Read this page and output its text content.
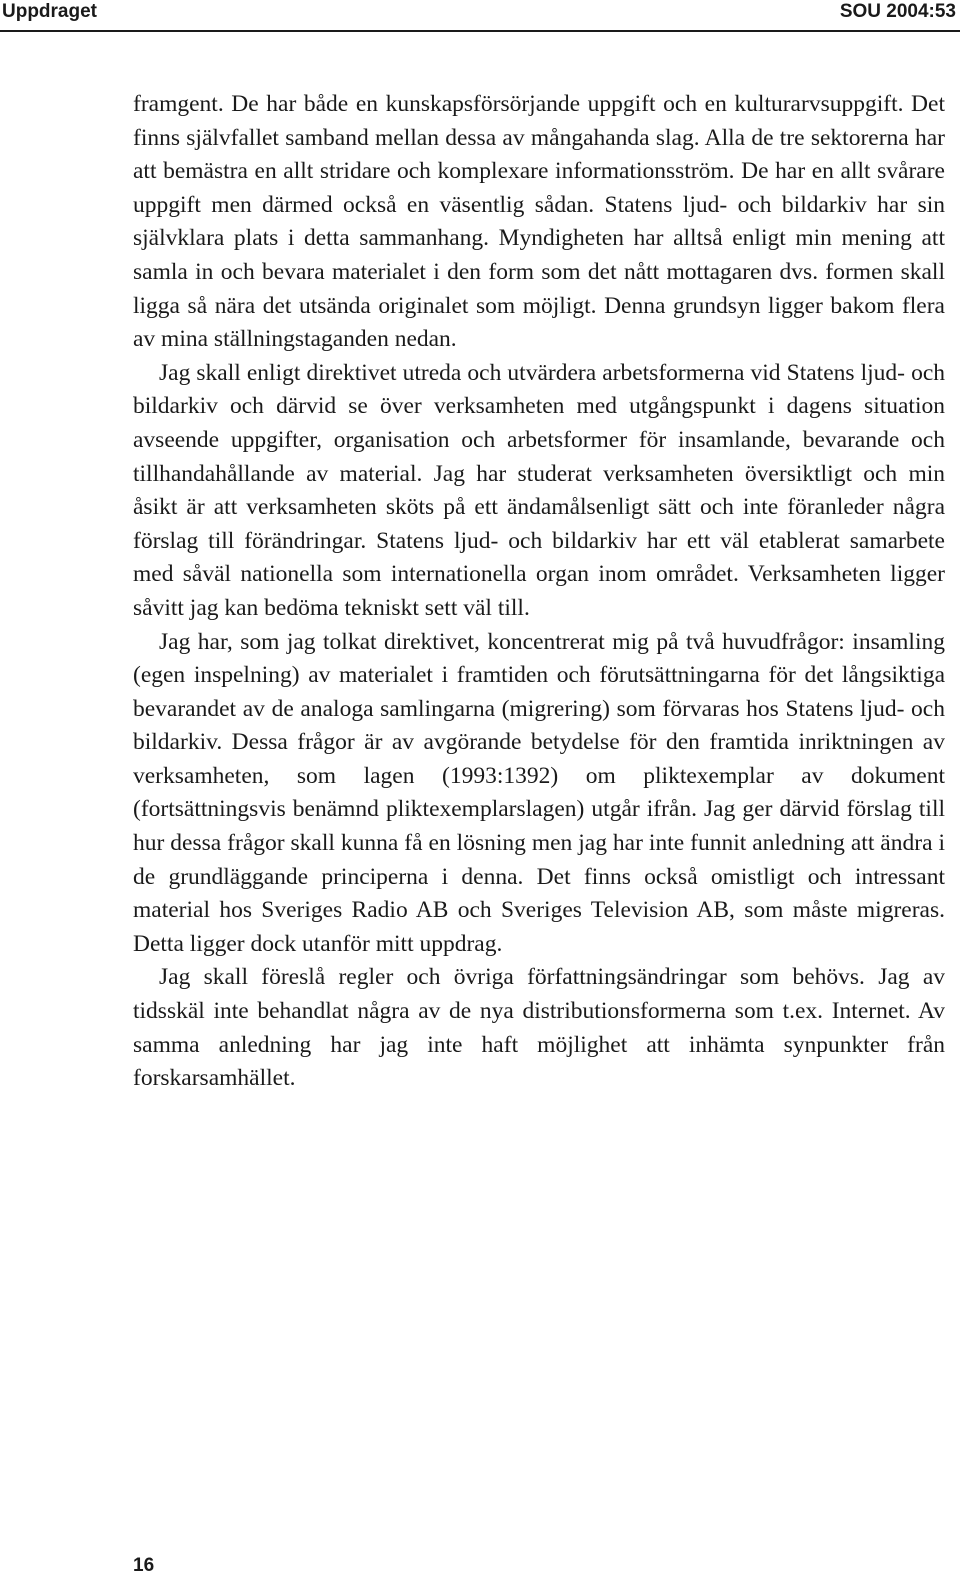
Uppdraget	SOU 2004:53

framgent. De har både en kunskapsförsörjande uppgift och en kulturarvsuppgift. Det finns självfallet samband mellan dessa av mångahanda slag. Alla de tre sektorerna har att bemästra en allt stridare och komplexare informationsström. De har en allt svårare uppgift men därmed också en väsentlig sådan. Statens ljud- och bildarkiv har sin självklara plats i detta sammanhang. Myndigheten har alltså enligt min mening att samla in och bevara materialet i den form som det nått mottagaren dvs. formen skall ligga så nära det utsända originalet som möjligt. Denna grundsyn ligger bakom flera av mina ställningstaganden nedan.

Jag skall enligt direktivet utreda och utvärdera arbetsformerna vid Statens ljud- och bildarkiv och därvid se över verksamheten med utgångspunkt i dagens situation avseende uppgifter, organisation och arbetsformer för insamlande, bevarande och tillhandahållande av material. Jag har studerat verksamheten översiktligt och min åsikt är att verksamheten sköts på ett ändamålsenligt sätt och inte föranleder några förslag till förändringar. Statens ljud- och bildarkiv har ett väl etablerat samarbete med såväl nationella som internationella organ inom området. Verksamheten ligger såvitt jag kan bedöma tekniskt sett väl till.

Jag har, som jag tolkat direktivet, koncentrerat mig på två huvudfrågor: insamling (egen inspelning) av materialet i framtiden och förutsättningarna för det långsiktiga bevarandet av de analoga samlingarna (migrering) som förvaras hos Statens ljud- och bildarkiv. Dessa frågor är av avgörande betydelse för den framtida inriktningen av verksamheten, som lagen (1993:1392) om pliktexemplar av dokument (fortsättningsvis benämnd pliktexemplarslagen) utgår ifrån. Jag ger därvid förslag till hur dessa frågor skall kunna få en lösning men jag har inte funnit anledning att ändra i de grundläggande principerna i denna. Det finns också omistligt och intressant material hos Sveriges Radio AB och Sveriges Television AB, som måste migreras. Detta ligger dock utanför mitt uppdrag.

Jag skall föreslå regler och övriga författningsändringar som behövs. Jag av tidsskäl inte behandlat några av de nya distributionsformerna som t.ex. Internet. Av samma anledning har jag inte haft möjlighet att inhämta synpunkter från forskarsamhället.

16
